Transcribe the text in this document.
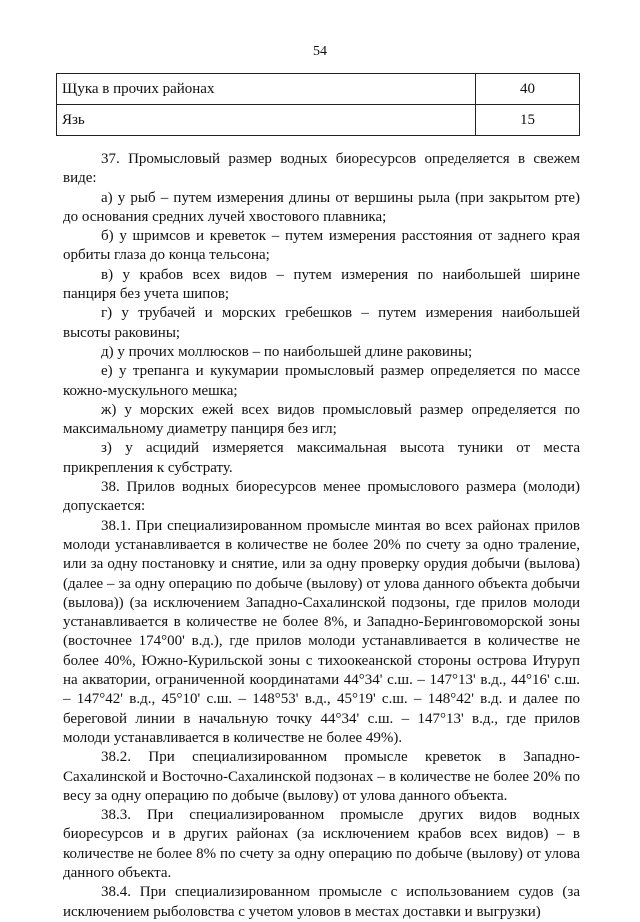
54
Щука в прочих районах	40
Язь	15

37. Промысловый размер водных биоресурсов определяется в свежем виде:

а) у рыб – путем измерения длины от вершины рыла (при закрытом рте) до основания средних лучей хвостового плавника;

б) у шримсов и креветок – путем измерения расстояния от заднего края орбиты глаза до конца тельсона;

в) у крабов всех видов – путем измерения по наибольшей ширине панциря без учета шипов;

г) у трубачей и морских гребешков – путем измерения наибольшей высоты раковины;

д) у прочих моллюсков – по наибольшей длине раковины;

е) у трепанга и кукумарии промысловый размер определяется по массе кожно-мускульного мешка;

ж) у морских ежей всех видов промысловый размер определяется по максимальному диаметру панциря без игл;

з) у асцидий измеряется максимальная высота туники от места прикрепления к субстрату.

38. Прилов водных биоресурсов менее промыслового размера (молоди) допускается:

38.1. При специализированном промысле минтая во всех районах прилов молоди устанавливается в количестве не более 20% по счету за одно траление, или за одну постановку и снятие, или за одну проверку орудия добычи (вылова) (далее – за одну операцию по добыче (вылову) от улова данного объекта добычи (вылова)) (за исключением Западно-Сахалинской подзоны, где прилов молоди устанавливается в количестве не более 8%, и Западно-Беринговоморской зоны (восточнее 174°00' в.д.), где прилов молоди устанавливается в количестве не более 40%, Южно-Курильской зоны с тихоокеанской стороны острова Итуруп на акватории, ограниченной координатами 44°34' с.ш. – 147°13' в.д., 44°16' с.ш. – 147°42' в.д., 45°10' с.ш. – 148°53' в.д., 45°19' с.ш. – 148°42' в.д. и далее по береговой линии в начальную точку 44°34' с.ш. – 147°13' в.д., где прилов молоди устанавливается в количестве не более 49%).

38.2. При специализированном промысле креветок в Западно-Сахалинской и Восточно-Сахалинской подзонах – в количестве не более 20% по весу за одну операцию по добыче (вылову) от улова данного объекта.

38.3. При специализированном промысле других видов водных биоресурсов и в других районах (за исключением крабов всех видов) – в количестве не более 8% по счету за одну операцию по добыче (вылову) от улова данного объекта.

38.4. При специализированном промысле с использованием судов (за исключением рыболовства с учетом уловов в местах доставки и выгрузки)
